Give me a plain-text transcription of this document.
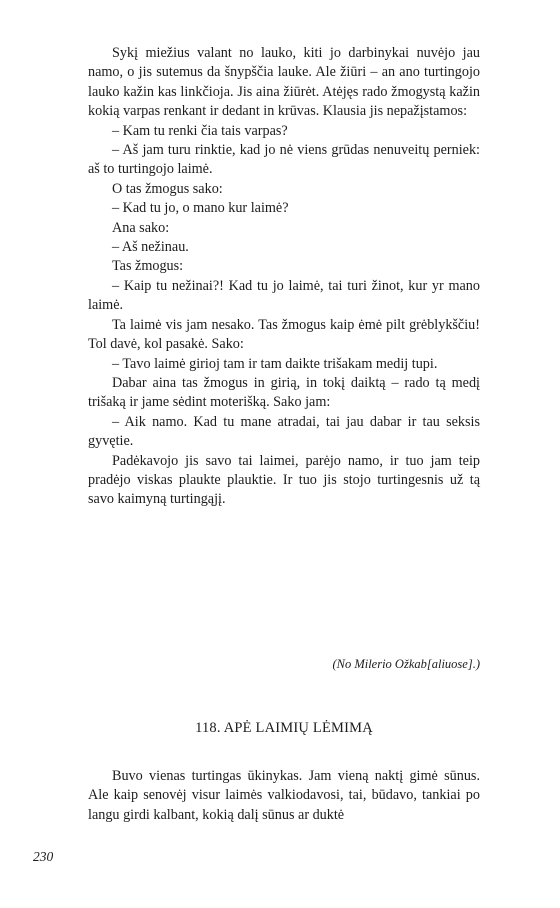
Sykį miežius valant no lauko, kiti jo darbinykai nuvėjo jau namo, o jis sutemus da šnypščia lauke. Ale žiūri – an ano turtingojo lauko kažin kas linkčioja. Jis aina žiūrėt. Atėjęs rado žmogystą kažin kokią varpas renkant ir dedant in krūvas. Klausia jis nepažįstamos:

– Kam tu renki čia tais varpas?

– Aš jam turu rinktie, kad jo nė viens grūdas nenuveitų perniek: aš to turtingojo laimė.

O tas žmogus sako:

– Kad tu jo, o mano kur laimė?

Ana sako:

– Aš nežinau.

Tas žmogus:

– Kaip tu nežinai?! Kad tu jo laimė, tai turi žinot, kur yr mano laimė.

Ta laimė vis jam nesako. Tas žmogus kaip ėmė pilt grėblykščiu! Tol davė, kol pasakė. Sako:

– Tavo laimė girioj tam ir tam daikte trišakam medij tupi.

Dabar aina tas žmogus in girią, in tokį daiktą – rado tą medį trišaką ir jame sėdint moterišką. Sako jam:

– Aik namo. Kad tu mane atradai, tai jau dabar ir tau seksis gyvętie.

Padėkavojo jis savo tai laimei, parėjo namo, ir tuo jam teip pradėjo viskas plaukte plauktie. Ir tuo jis stojo turtingesnis už tą savo kaimyną turtingąjį.

(No Milerio Ožkab[aliuose].)
118. APĖ LAIMIŲ LĖMIMĄ

Buvo vienas turtingas ūkinykas. Jam vieną naktį gimė sūnus. Ale kaip senovėj visur laimės valkiodavosi, tai, būdavo, tankiai po langu girdi kalbant, kokią dalį sūnus ar duktė

230
